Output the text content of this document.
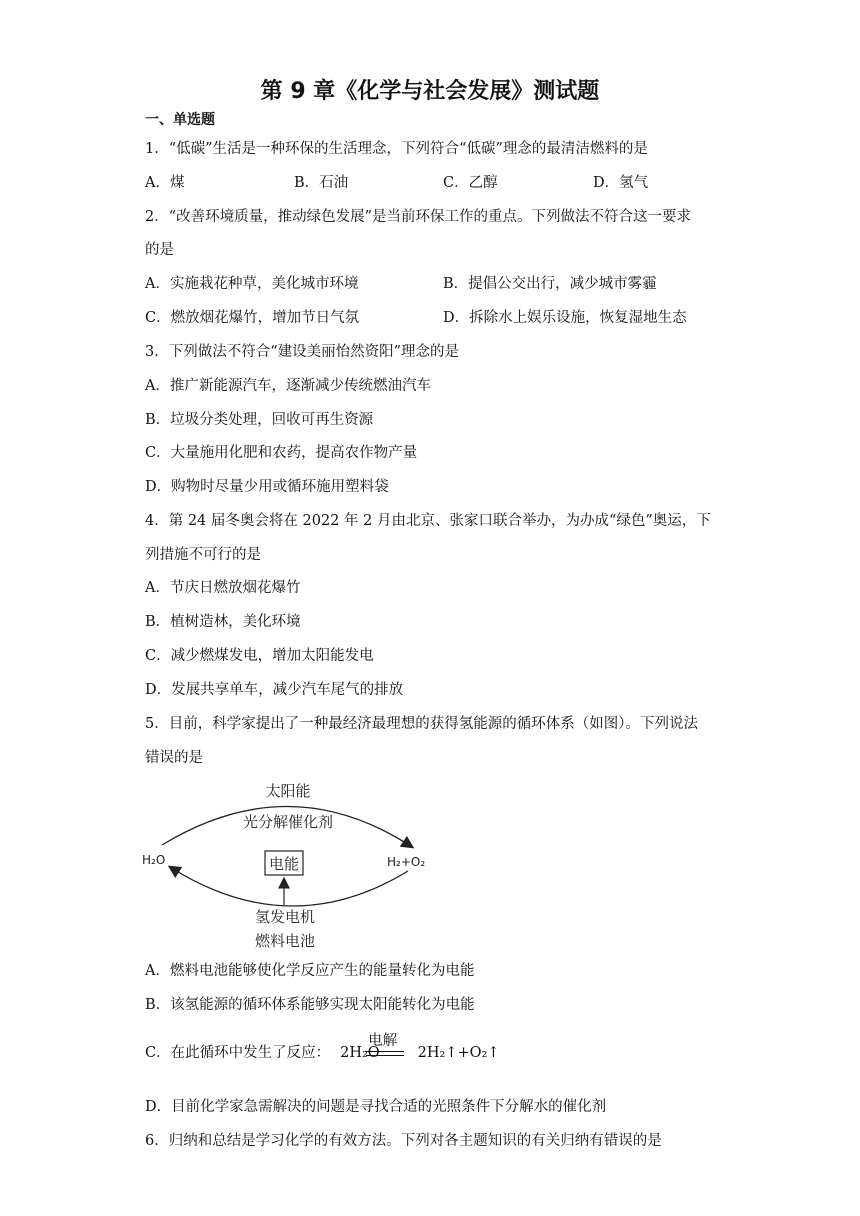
第 9 章《化学与社会发展》测试题
一、单选题
1．“低碳”生活是一种环保的生活理念，下列符合“低碳”理念的最清洁燃料的是
A．煤	B．石油	C．乙醇	D．氢气
2．“改善环境质量，推动绿色发展”是当前环保工作的重点。下列做法不符合这一要求
的是
A．实施栽花种草，美化城市环境	B．提倡公交出行，减少城市雾霾
C．燃放烟花爆竹，增加节日气氛	D．拆除水上娱乐设施，恢复湿地生态
3．下列做法不符合“建设美丽怡然资阳”理念的是
A．推广新能源汽车，逐渐减少传统燃油汽车
B．垃圾分类处理，回收可再生资源
C．大量施用化肥和农药，提高农作物产量
D．购物时尽量少用或循环施用塑料袋
4．第 24 届冬奥会将在 2022 年 2 月由北京、张家口联合举办，为办成“绿色”奥运，下
列措施不可行的是
A．节庆日燃放烟花爆竹
B．植树造林，美化环境
C．减少燃煤发电，增加太阳能发电
D．发展共享单车，减少汽车尾气的排放
5．目前，科学家提出了一种最经济最理想的获得氢能源的循环体系（如图）。下列说法
错误的是
太阳能
光分解催化剂
H₂O	H₂+O₂
电能
氢发电机
燃料电池
A．燃料电池能够使化学反应产生的能量转化为电能
B．该氢能源的循环体系能够实现太阳能转化为电能
C．在此循环中发生了反应： 2H₂O
电解
2H₂↑+O₂↑
D．目前化学家急需解决的问题是寻找合适的光照条件下分解水的催化剂
6．归纳和总结是学习化学的有效方法。下列对各主题知识的有关归纳有错误的是
